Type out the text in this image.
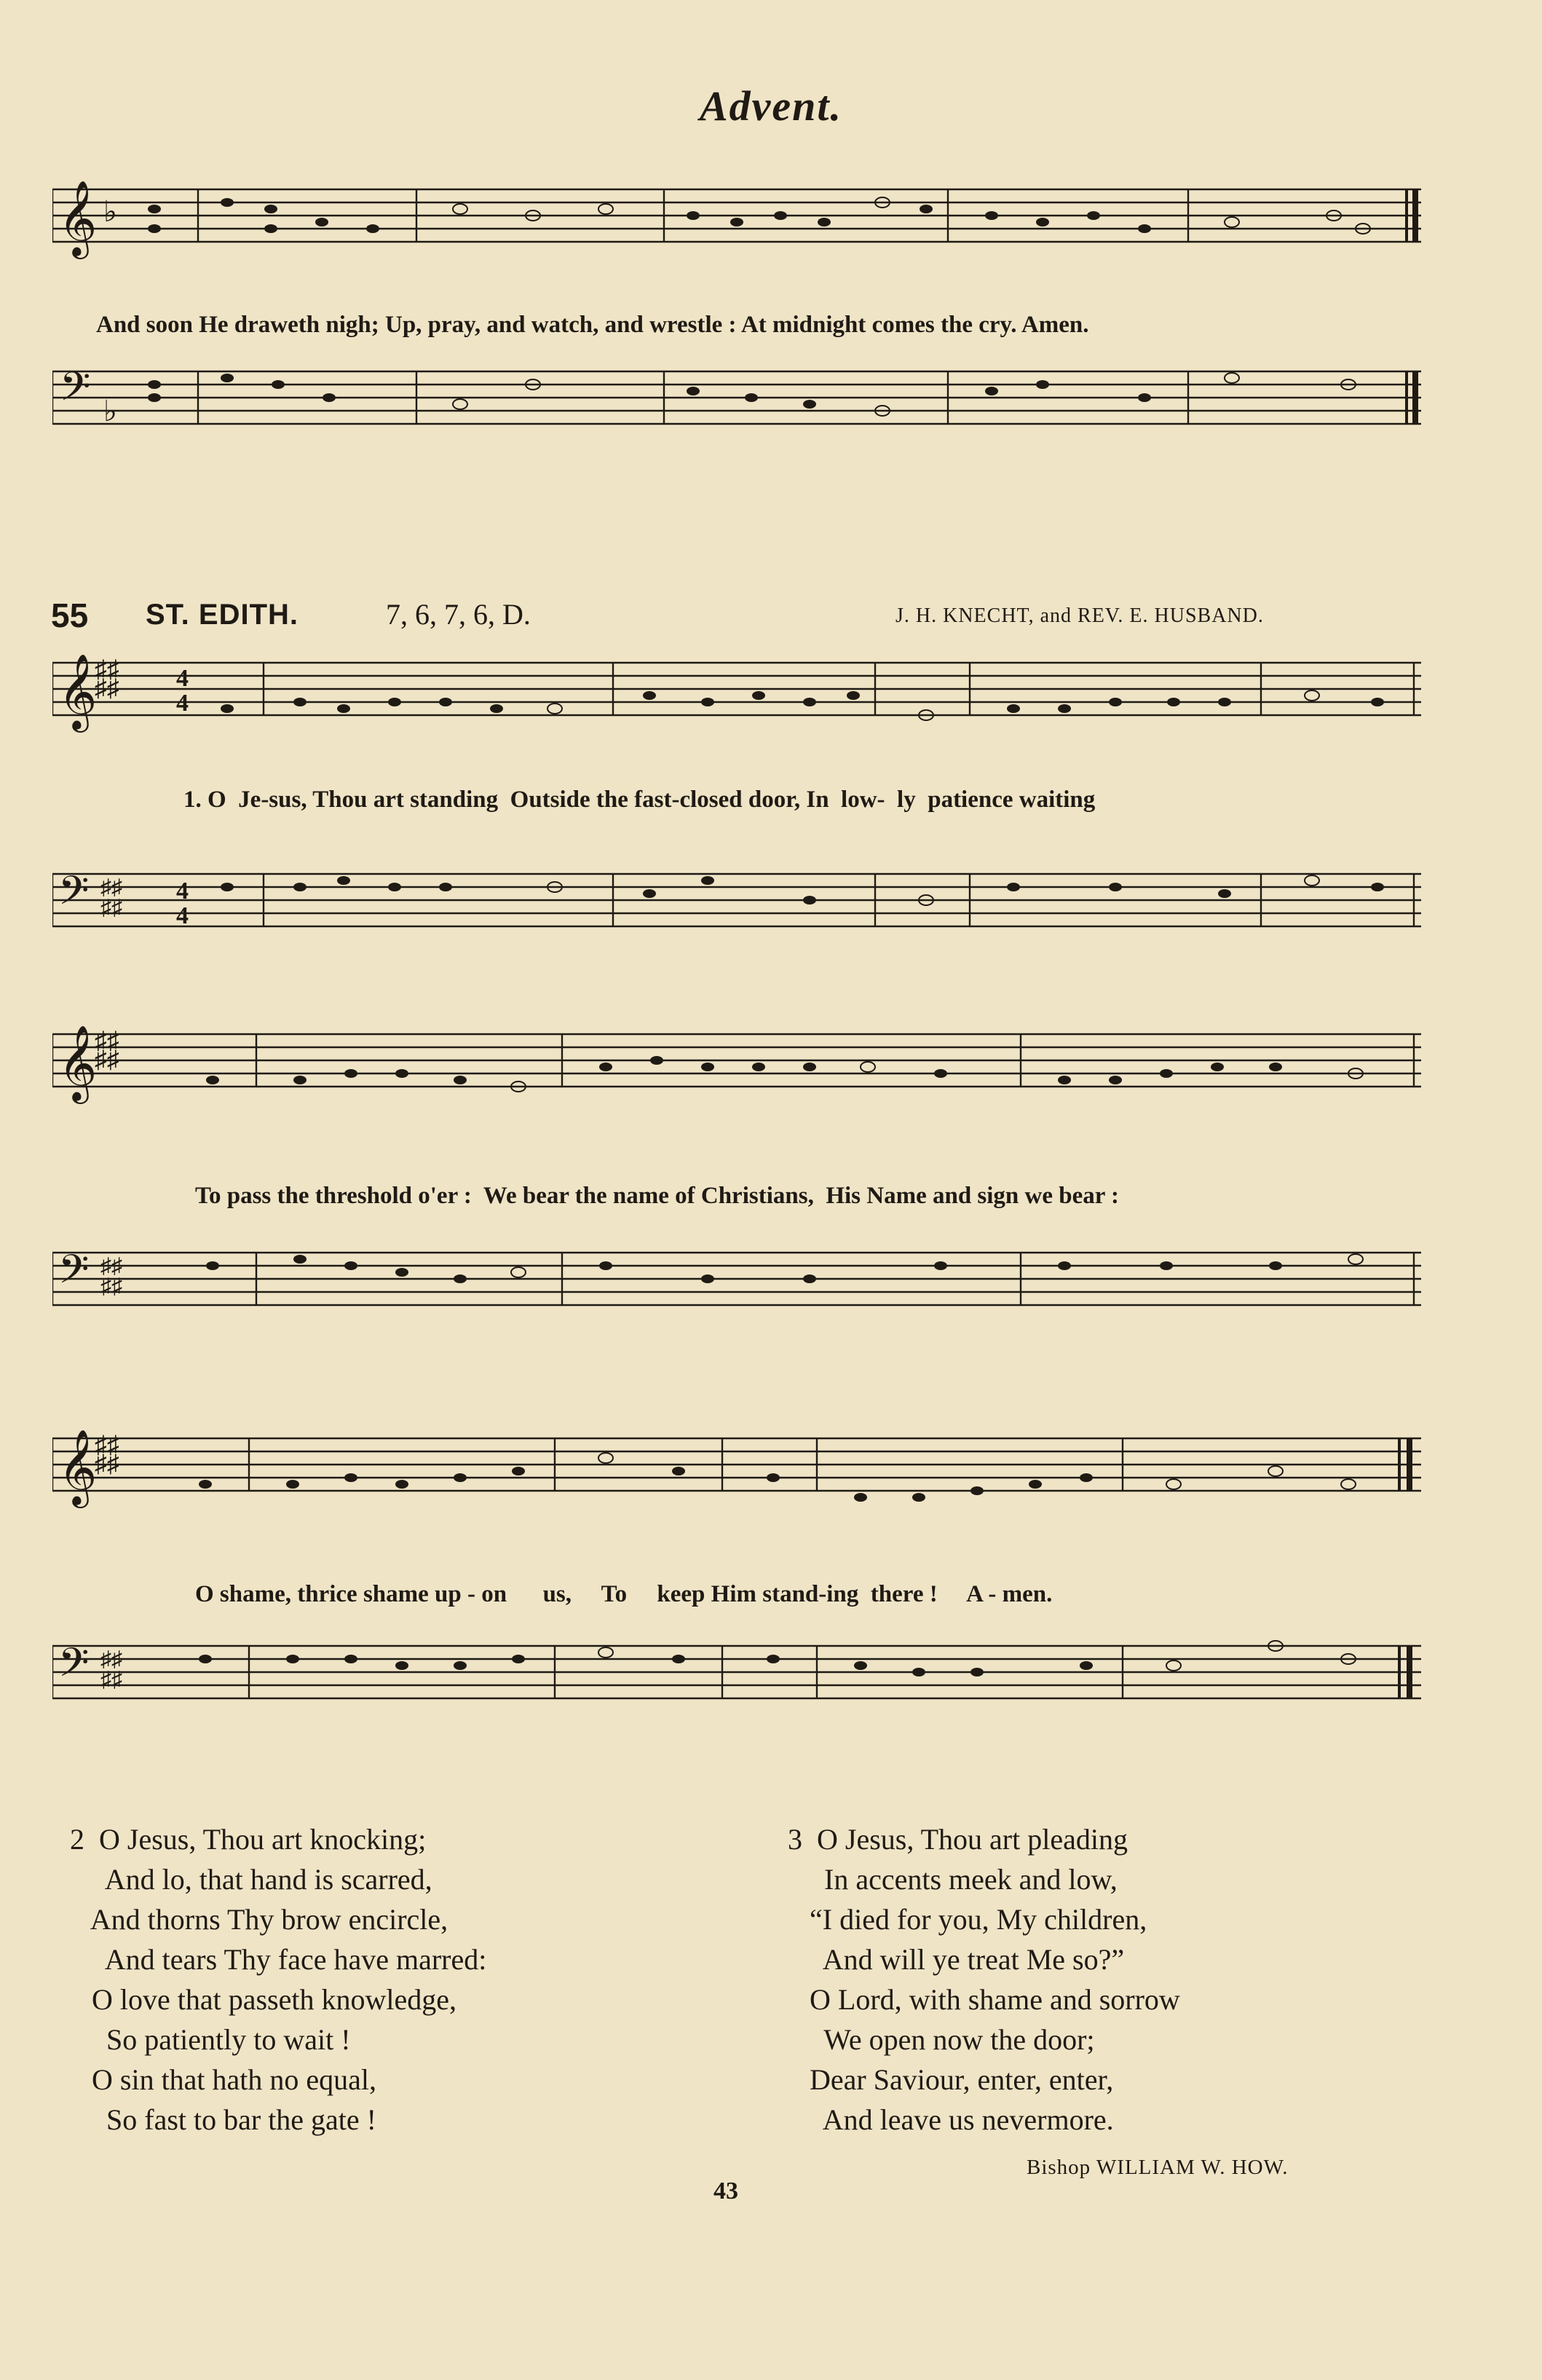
Advent.
𝄞 ♭
And soon He draweth nigh; Up, pray, and watch, and wrestle : At midnight comes the cry. Amen.
𝄢 ♭
55 ST. EDITH.	7, 6, 7, 6, D.	J. H. KNECHT, and REV. E. HUSBAND.
𝄞
♯♯
♯♯ 4
4
1. O  Je-sus, Thou art standing  Outside the fast-closed door, In  low-  ly  patience waiting
𝄢 ♯♯
♯♯
4
4
𝄞
♯♯
♯♯
To pass the threshold o'er :  We bear the name of Christians,  His Name and sign we bear :
𝄢 ♯♯
♯♯
𝄞
♯♯
♯♯
O shame, thrice shame up - on      us,     To     keep Him stand-ing  there !     A - men.
𝄢 ♯♯
♯♯
2  O Jesus, Thou art knocking;
And lo, that hand is scarred,
And thorns Thy brow encircle,
And tears Thy face have marred:
O love that passeth knowledge,
So patiently to wait !
O sin that hath no equal,
So fast to bar the gate !
3  O Jesus, Thou art pleading
In accents meek and low,
“I died for you, My children,
And will ye treat Me so?”
O Lord, with shame and sorrow
We open now the door;
Dear Saviour, enter, enter,
And leave us nevermore.
Bishop WILLIAM W. HOW.
43
